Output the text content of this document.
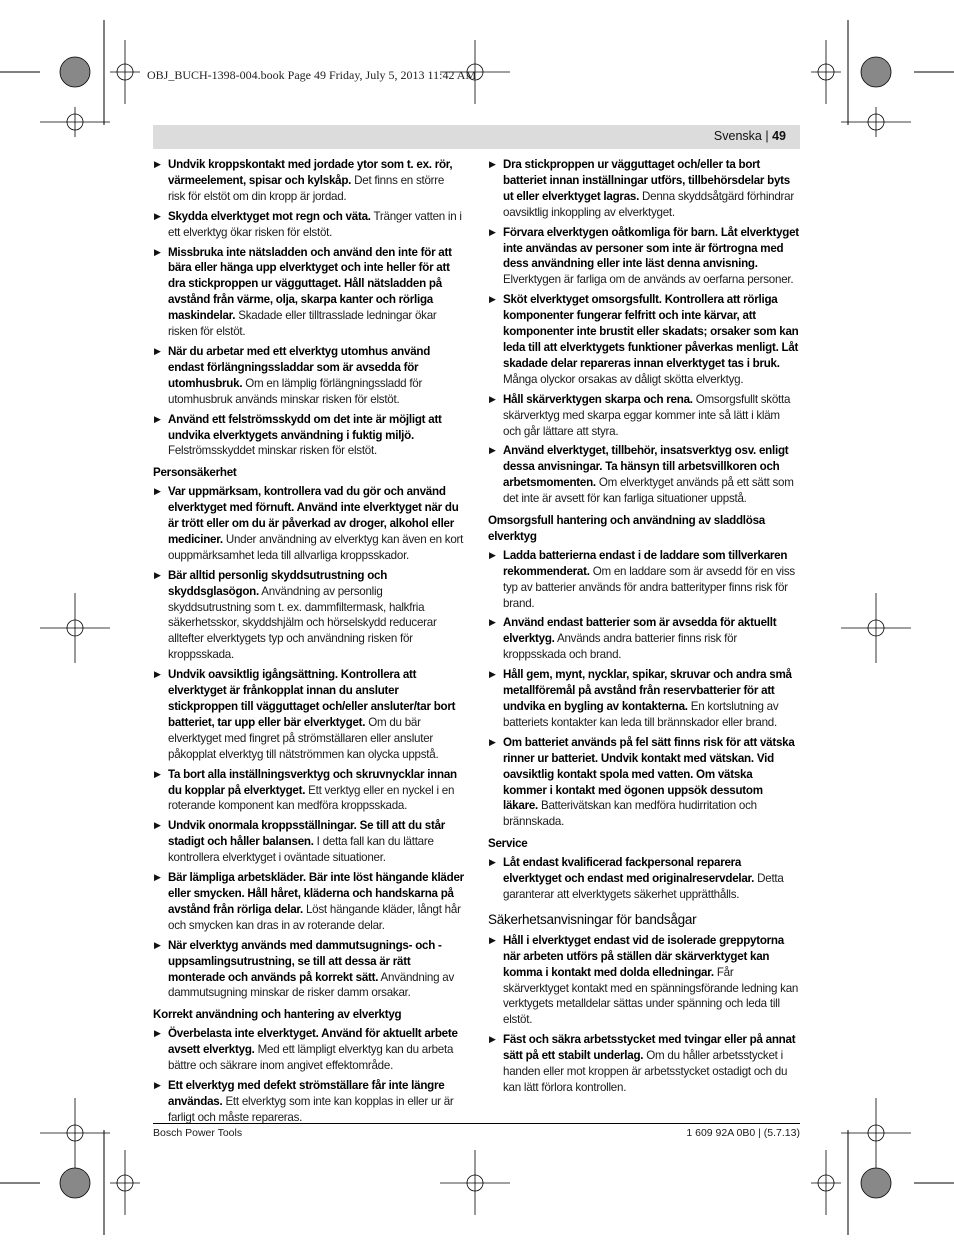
OBJ_BUCH-1398-004.book Page 49 Friday, July 5, 2013 11:42 AM
Svenska | 49
▶ Undvik kroppskontakt med jordade ytor som t. ex. rör, värmeelement, spisar och kylskåp. Det finns en större risk för elstöt om din kropp är jordad.
▶ Skydda elverktyget mot regn och väta. Tränger vatten in i ett elverktyg ökar risken för elstöt.
▶ Missbruka inte nätsladden och använd den inte för att bära eller hänga upp elverktyget och inte heller för att dra stickproppen ur vägguttaget. Håll nätsladden på avstånd från värme, olja, skarpa kanter och rörliga maskindelar. Skadade eller tilltrasslade ledningar ökar risken för elstöt.
▶ När du arbetar med ett elverktyg utomhus använd endast förlängningssladdar som är avsedda för utomhusbruk. Om en lämplig förlängningssladd för utomhusbruk används minskar risken för elstöt.
▶ Använd ett felströmsskydd om det inte är möjligt att undvika elverktygets användning i fuktig miljö. Felströmsskyddet minskar risken för elstöt.
Personsäkerhet
▶ Var uppmärksam, kontrollera vad du gör och använd elverktyget med förnuft. Använd inte elverktyget när du är trött eller om du är påverkad av droger, alkohol eller mediciner. Under användning av elverktyg kan även en kort ouppmärksamhet leda till allvarliga kroppsskador.
▶ Bär alltid personlig skyddsutrustning och skyddsglasögon. Användning av personlig skyddsutrustning som t. ex. dammfiltermask, halkfria säkerhetsskor, skyddshjälm och hörselskydd reducerar alltefter elverktygets typ och användning risken för kroppsskada.
▶ Undvik oavsiktlig igångsättning. Kontrollera att elverktyget är frånkopplat innan du ansluter stickproppen till vägguttaget och/eller ansluter/tar bort batteriet, tar upp eller bär elverktyget. Om du bär elverktyget med fingret på strömställaren eller ansluter påkopplat elverktyg till nätströmmen kan olycka uppstå.
▶ Ta bort alla inställningsverktyg och skruvnycklar innan du kopplar på elverktyget. Ett verktyg eller en nyckel i en roterande komponent kan medföra kroppsskada.
▶ Undvik onormala kroppsställningar. Se till att du står stadigt och håller balansen. I detta fall kan du lättare kontrollera elverktyget i oväntade situationer.
▶ Bär lämpliga arbetskläder. Bär inte löst hängande kläder eller smycken. Håll håret, kläderna och handskarna på avstånd från rörliga delar. Löst hängande kläder, långt hår och smycken kan dras in av roterande delar.
▶ När elverktyg används med dammutsugnings- och -uppsamlingsutrustning, se till att dessa är rätt monterade och används på korrekt sätt. Användning av dammutsugning minskar de risker damm orsakar.
Korrekt användning och hantering av elverktyg
▶ Överbelasta inte elverktyget. Använd för aktuellt arbete avsett elverktyg. Med ett lämpligt elverktyg kan du arbeta bättre och säkrare inom angivet effektområde.
▶ Ett elverktyg med defekt strömställare får inte längre användas. Ett elverktyg som inte kan kopplas in eller ur är farligt och måste repareras.
▶ Dra stickproppen ur vägguttaget och/eller ta bort batteriet innan inställningar utförs, tillbehörsdelar byts ut eller elverktyget lagras. Denna skyddsåtgärd förhindrar oavsiktlig inkoppling av elverktyget.
▶ Förvara elverktygen oåtkomliga för barn. Låt elverktyget inte användas av personer som inte är förtrogna med dess användning eller inte läst denna anvisning. Elverktygen är farliga om de används av oerfarna personer.
▶ Sköt elverktyget omsorgsfullt. Kontrollera att rörliga komponenter fungerar felfritt och inte kärvar, att komponenter inte brustit eller skadats; orsaker som kan leda till att elverktygets funktioner påverkas menligt. Låt skadade delar repareras innan elverktyget tas i bruk. Många olyckor orsakas av dåligt skötta elverktyg.
▶ Håll skärverktygen skarpa och rena. Omsorgsfullt skötta skärverktyg med skarpa eggar kommer inte så lätt i kläm och går lättare att styra.
▶ Använd elverktyget, tillbehör, insatsverktyg osv. enligt dessa anvisningar. Ta hänsyn till arbetsvillkoren och arbetsmomenten. Om elverktyget används på ett sätt som det inte är avsett för kan farliga situationer uppstå.
Omsorgsfull hantering och användning av sladdlösa elverktyg
▶ Ladda batterierna endast i de laddare som tillverkaren rekommenderat. Om en laddare som är avsedd för en viss typ av batterier används för andra batterityper finns risk för brand.
▶ Använd endast batterier som är avsedda för aktuellt elverktyg. Används andra batterier finns risk för kroppsskada och brand.
▶ Håll gem, mynt, nycklar, spikar, skruvar och andra små metallföremål på avstånd från reservbatterier för att undvika en bygling av kontakterna. En kortslutning av batteriets kontakter kan leda till brännskador eller brand.
▶ Om batteriet används på fel sätt finns risk för att vätska rinner ur batteriet. Undvik kontakt med vätskan. Vid oavsiktlig kontakt spola med vatten. Om vätska kommer i kontakt med ögonen uppsök dessutom läkare. Batterivätskan kan medföra hudirritation och brännskada.
Service
▶ Låt endast kvalificerad fackpersonal reparera elverktyget och endast med originalreservdelar. Detta garanterar att elverktygets säkerhet upprätthålls.
Säkerhetsanvisningar för bandsågar
▶ Håll i elverktyget endast vid de isolerade greppytorna när arbeten utförs på ställen där skärverktyget kan komma i kontakt med dolda elledningar. Får skärverktyget kontakt med en spänningsförande ledning kan verktygets metalldelar sättas under spänning och leda till elstöt.
▶ Fäst och säkra arbetsstycket med tvingar eller på annat sätt på ett stabilt underlag. Om du håller arbetsstycket i handen eller mot kroppen är arbetsstycket ostadigt och du kan lätt förlora kontrollen.
Bosch Power Tools	1 609 92A 0B0 | (5.7.13)
